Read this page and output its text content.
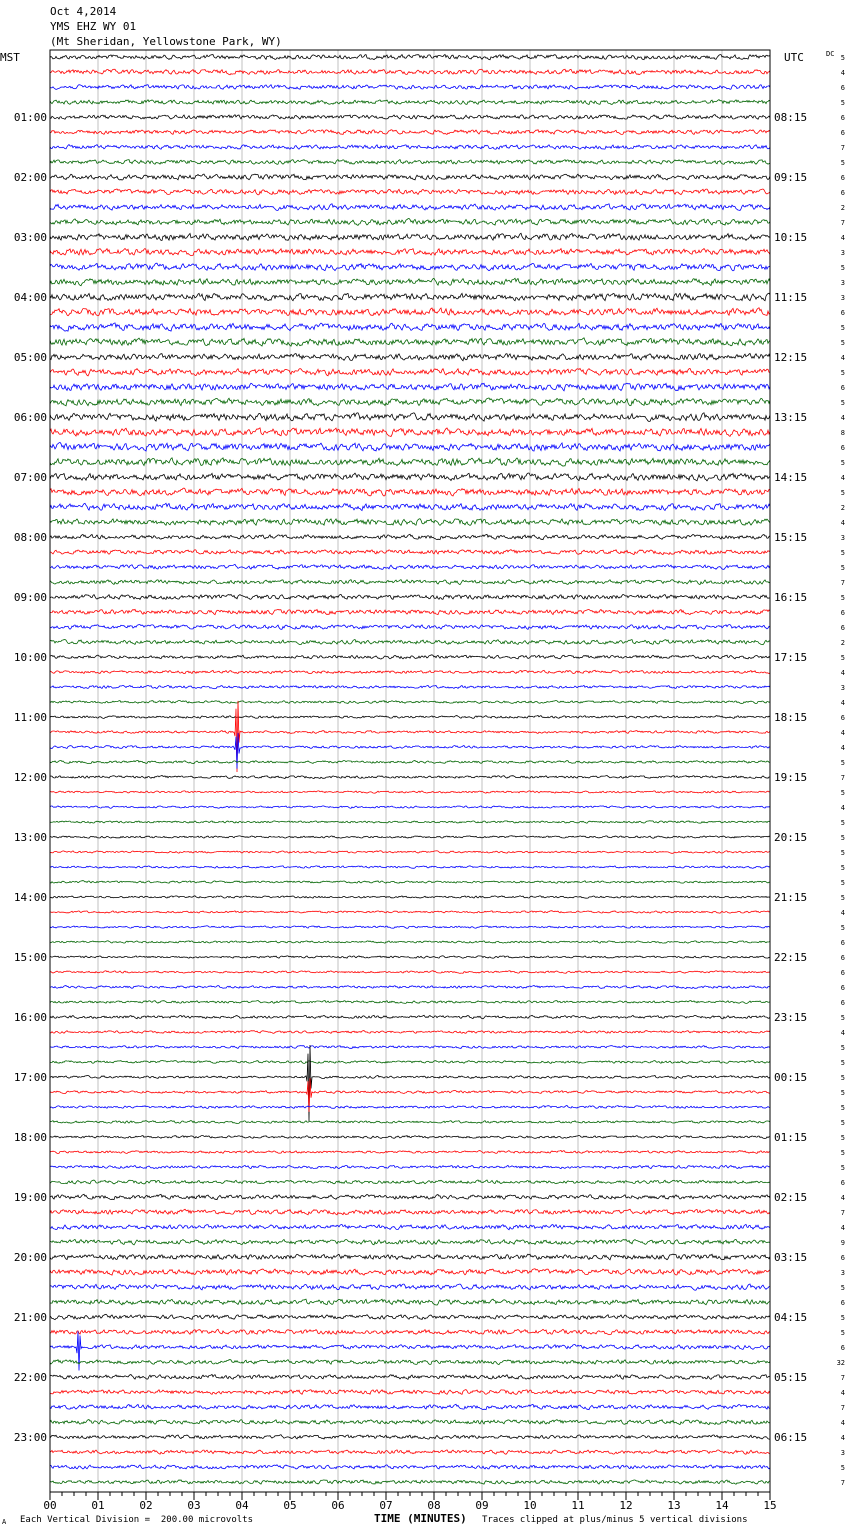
Oct 4,2014
YMS EHZ WY 01
(Mt Sheridan, Yellowstone Park, WY)
00	01	02	03	04	05	06	07	08	09	10	11	12	13	14	15
01:00
02:00
03:00
04:00
05:00
06:00
07:00
08:00
09:00
10:00
11:00
12:00
13:00
14:00
15:00
16:00
17:00
18:00
19:00
20:00
21:00
22:00
23:00
08:15
09:15
10:15
11:15
12:15
13:15
14:15
15:15
16:15
17:15
18:15
19:15
20:15
21:15
22:15
23:15
00:15
01:15
02:15
03:15
04:15
05:15
06:15
5
4
6
5
6
6
7
5
6
6
2
7
4
3
5
3
3
6
5
5
4
5
6
5
4
8
6
5
4
5
2
4
3
5
5
7
5
6
6
2
5
4
3
4
6
4
4
5
7
5
4
5
5
5
5
5
5
4
5
6
6
6
6
6
5
4
5
5
5
5
5
5
5
5
5
6
4
7
4
9
6
3
5
6
5
5
6
32
7
4
7
4
4
3
5
7
MST	UTC	DC
A Each Vertical Division =  200.00 microvolts	TIME (MINUTES) Traces clipped at plus/minus 5 vertical divisions
